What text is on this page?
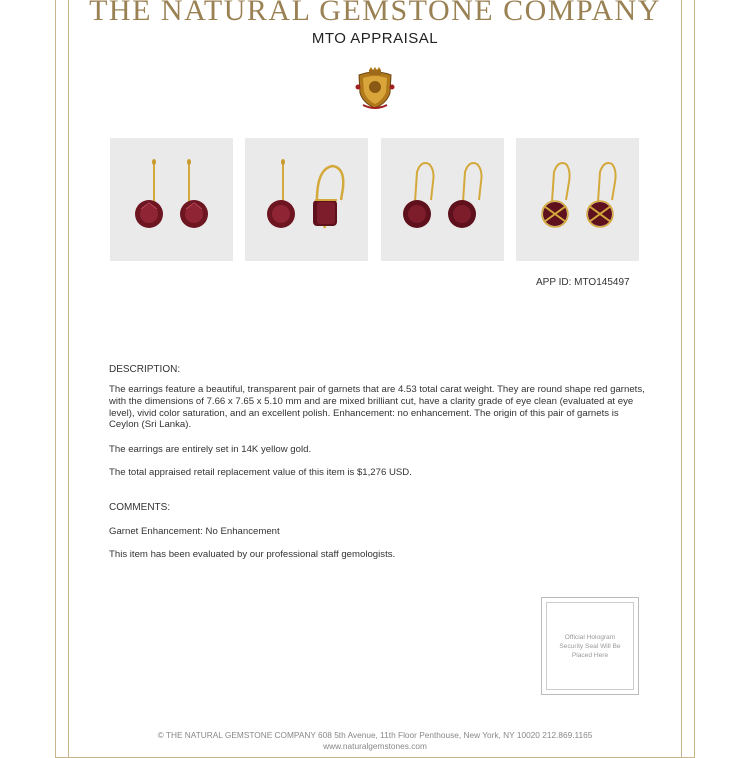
THE NATURAL GEMSTONE COMPANY
MTO APPRAISAL
APP ID: MTO145497
DESCRIPTION:
The earrings feature a beautiful, transparent pair of garnets that are 4.53 total carat weight. They are round shape red garnets, with the dimensions of 7.66 x 7.65 x 5.10 mm and are mixed brilliant cut, have a clarity grade of eye clean (evaluated at eye level), vivid color saturation, and an excellent polish. Enhancement: no enhancement. The origin of this pair of garnets is Ceylon (Sri Lanka).
The earrings are entirely set in 14K yellow gold.
The total appraised retail replacement value of this item is $1,276 USD.
COMMENTS:
Garnet Enhancement: No Enhancement
This item has been evaluated by our professional staff gemologists.
Official Hologram Security Seal Will Be Placed Here
© THE NATURAL GEMSTONE COMPANY 608 5th Avenue, 11th Floor Penthouse, New York, NY 10020 212.869.1165
www.naturalgemstones.com
